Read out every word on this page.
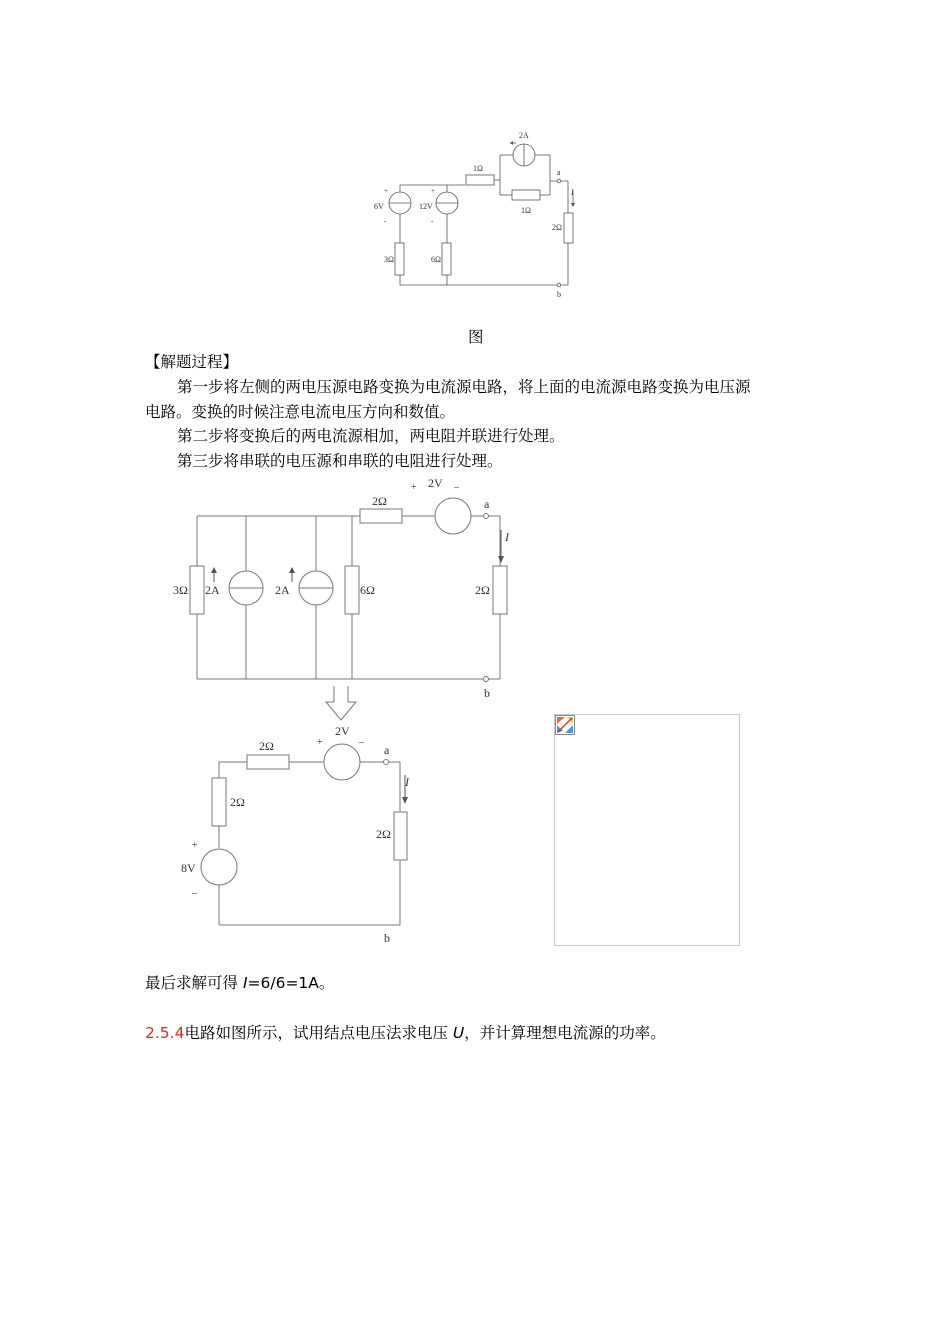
2A
1Ω
1Ω
6V	12V
+	+
-	-
3Ω	6Ω
2Ω
a
b
I
图
【解题过程】
第一步将左侧的两电压源电路变换为电流源电路，将上面的电流源电路变换为电压源
电路。变换的时候注意电流电压方向和数值。
第二步将变换后的两电流源相加，两电阻并联进行处理。
第三步将串联的电压源和串联的电阻进行处理。
2Ω
2V
+	–
a
I
3Ω 2A	2A	6Ω	2Ω
b
2Ω
2V
+	–
a
I
2Ω
2Ω
+
8V
–
b
最后求解可得 I=6/6=1A。
2.5.4电路如图所示，试用结点电压法求电压 U，并计算理想电流源的功率。
